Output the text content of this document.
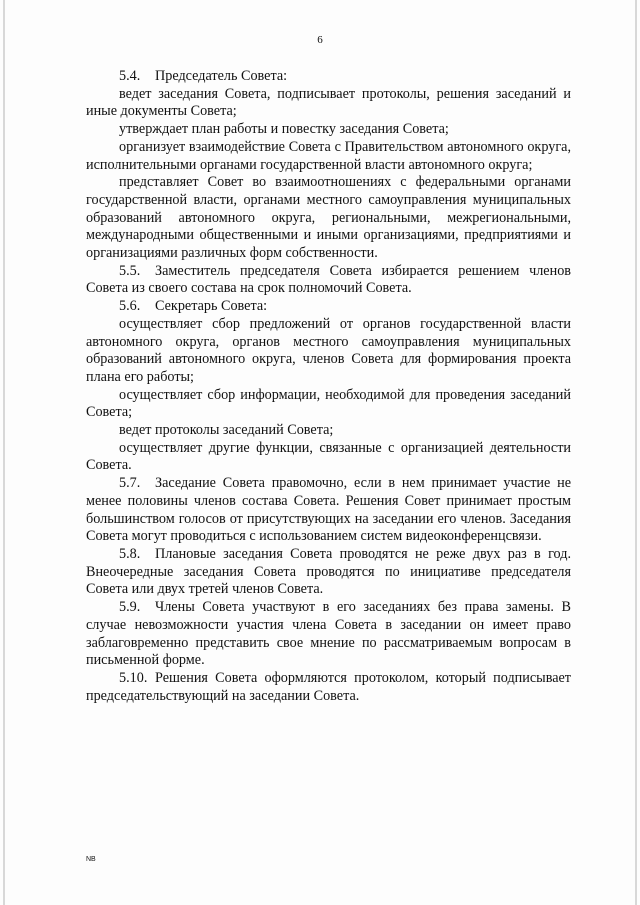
6

5.4. Председатель Совета:

ведет заседания Совета, подписывает протоколы, решения заседаний и иные документы Совета;

утверждает план работы и повестку заседания Совета;

организует взаимодействие Совета с Правительством автономного округа, исполнительными органами государственной власти автономного округа;

представляет Совет во взаимоотношениях с федеральными органами государственной власти, органами местного самоуправления муниципальных образований автономного округа, региональными, межрегиональными, международными общественными и иными организациями, предприятиями и организациями различных форм собственности.

5.5. Заместитель председателя Совета избирается решением членов Совета из своего состава на срок полномочий Совета.

5.6. Секретарь Совета:

осуществляет сбор предложений от органов государственной власти автономного округа, органов местного самоуправления муниципальных образований автономного округа, членов Совета для формирования проекта плана его работы;

осуществляет сбор информации, необходимой для проведения заседаний Совета;

ведет протоколы заседаний Совета;

осуществляет другие функции, связанные с организацией деятельности Совета.

5.7. Заседание Совета правомочно, если в нем принимает участие не менее половины членов состава Совета. Решения Совет принимает простым большинством голосов от присутствующих на заседании его членов. Заседания Совета могут проводиться с использованием систем видеоконференцсвязи.

5.8. Плановые заседания Совета проводятся не реже двух раз в год. Внеочередные заседания Совета проводятся по инициативе председателя Совета или двух третей членов Совета.

5.9. Члены Совета участвуют в его заседаниях без права замены. В случае невозможности участия члена Совета в заседании он имеет право заблаговременно представить свое мнение по рассматриваемым вопросам в письменной форме.

5.10. Решения Совета оформляются протоколом, который подписывает председательствующий на заседании Совета.

NB
